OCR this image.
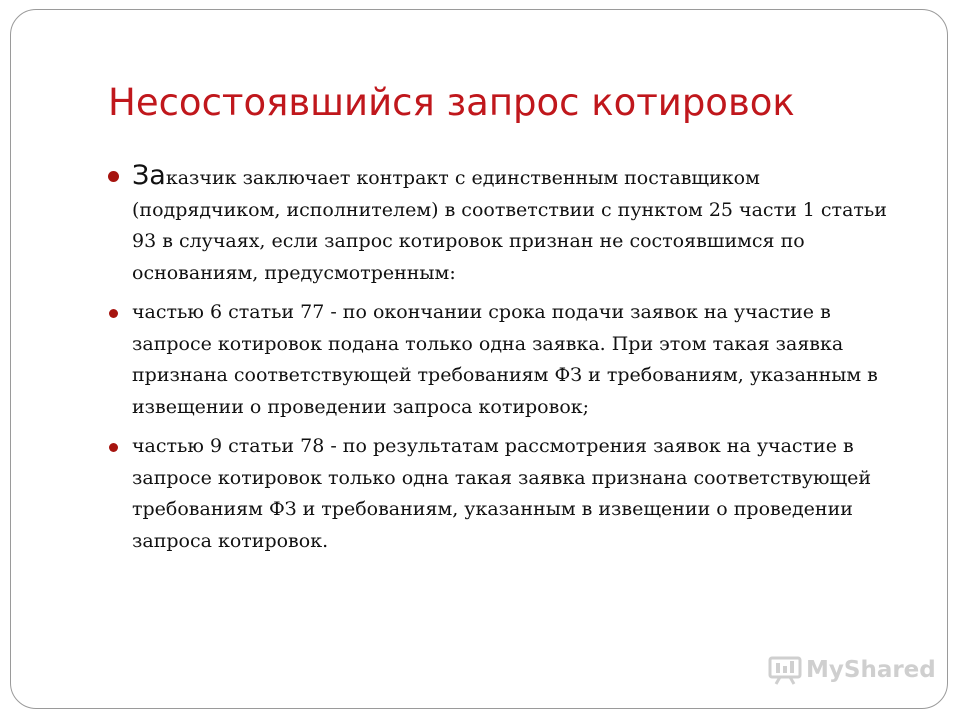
Несостоявшийся запрос котировок
Заказчик заключает контракт с единственным поставщиком (подрядчиком, исполнителем) в соответствии с пунктом 25 части 1 статьи 93 в случаях, если запрос котировок признан не состоявшимся по основаниям, предусмотренным:
частью 6 статьи 77 - по окончании срока подачи заявок на участие в запросе котировок подана только одна заявка. При этом такая заявка признана соответствующей требованиям ФЗ и требованиям, указанным в извещении о проведении запроса котировок;
частью 9 статьи 78 - по результатам рассмотрения заявок на участие в запросе котировок только одна такая заявка признана соответствующей требованиям ФЗ и требованиям, указанным в извещении о проведении запроса котировок.
MyShared
